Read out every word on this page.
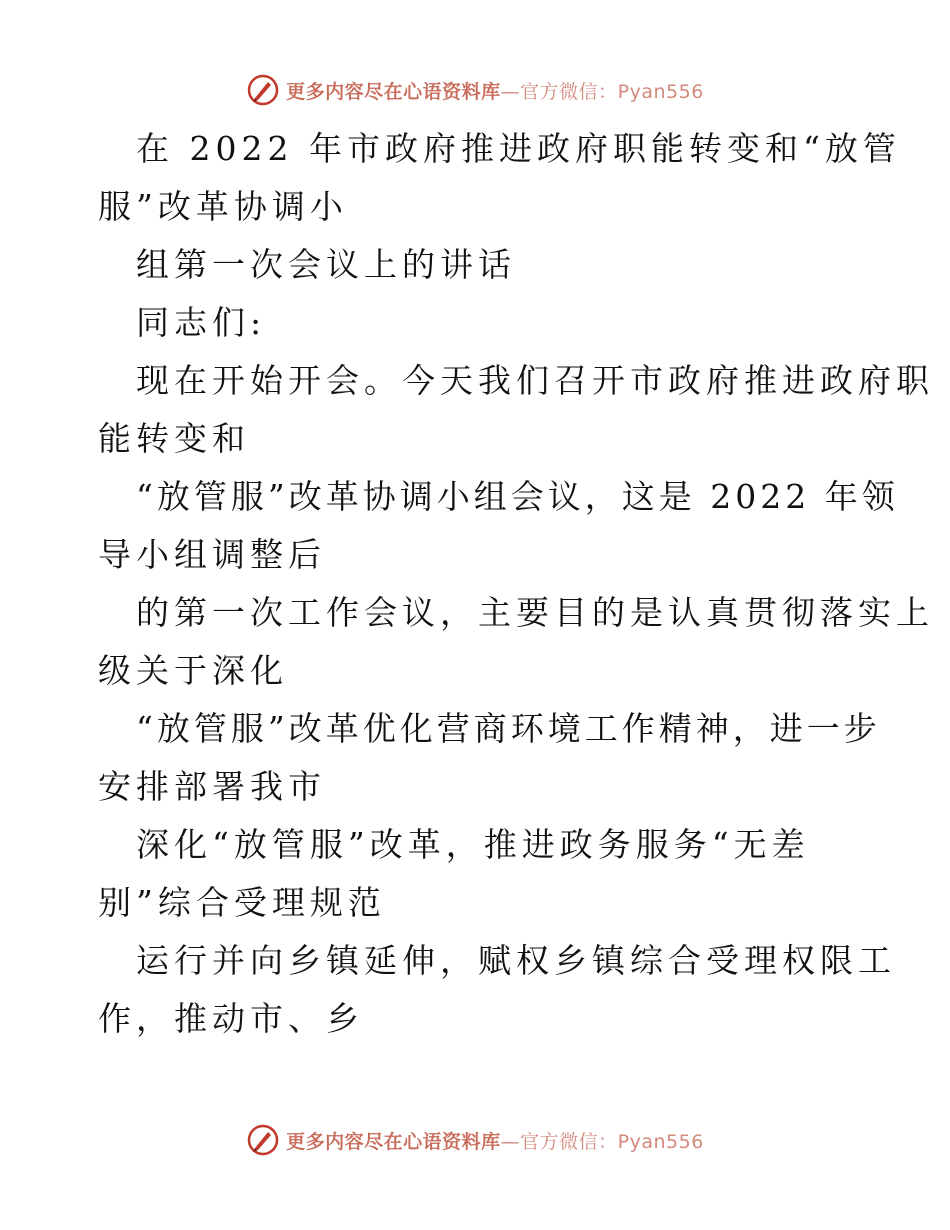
更多内容尽在心语资料库—官方微信：Pyan556
在 2022 年市政府推进政府职能转变和“放管
服”改革协调小
组第一次会议上的讲话
同志们:
现在开始开会。今天我们召开市政府推进政府职
能转变和
“放管服”改革协调小组会议，这是 2022 年领
导小组调整后
的第一次工作会议，主要目的是认真贯彻落实上
级关于深化
“放管服”改革优化营商环境工作精神，进一步
安排部署我市
深化“放管服”改革，推进政务服务“无差
别”综合受理规范
运行并向乡镇延伸，赋权乡镇综合受理权限工
作，推动市、乡
更多内容尽在心语资料库—官方微信：Pyan556
